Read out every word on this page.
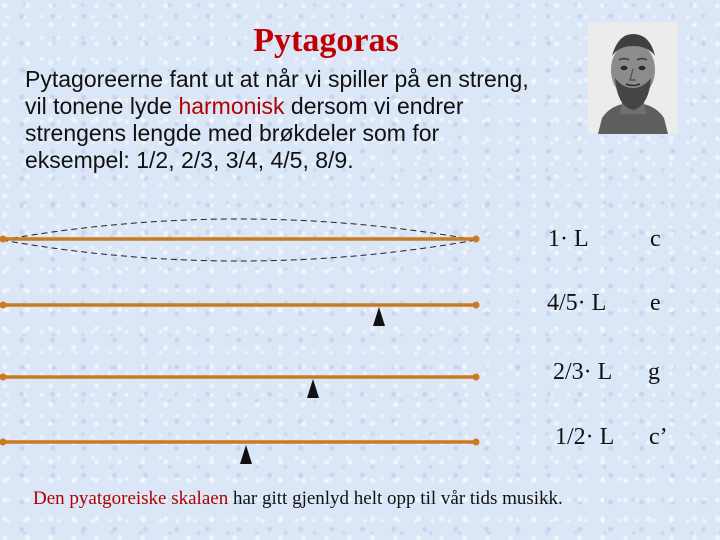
Pytagoras
Pytagoreerne fant ut at når vi spiller på en streng, vil tonene lyde harmonisk dersom vi endrer strengens lengde med brøkdeler som for eksempel: 1/2, 2/3, 3/4, 4/5, 8/9.
1· L	c
4/5· L e
2/3· L g
1/2· L c’
Den pyatgoreiske skalaen har gitt gjenlyd helt opp til vår tids musikk.
